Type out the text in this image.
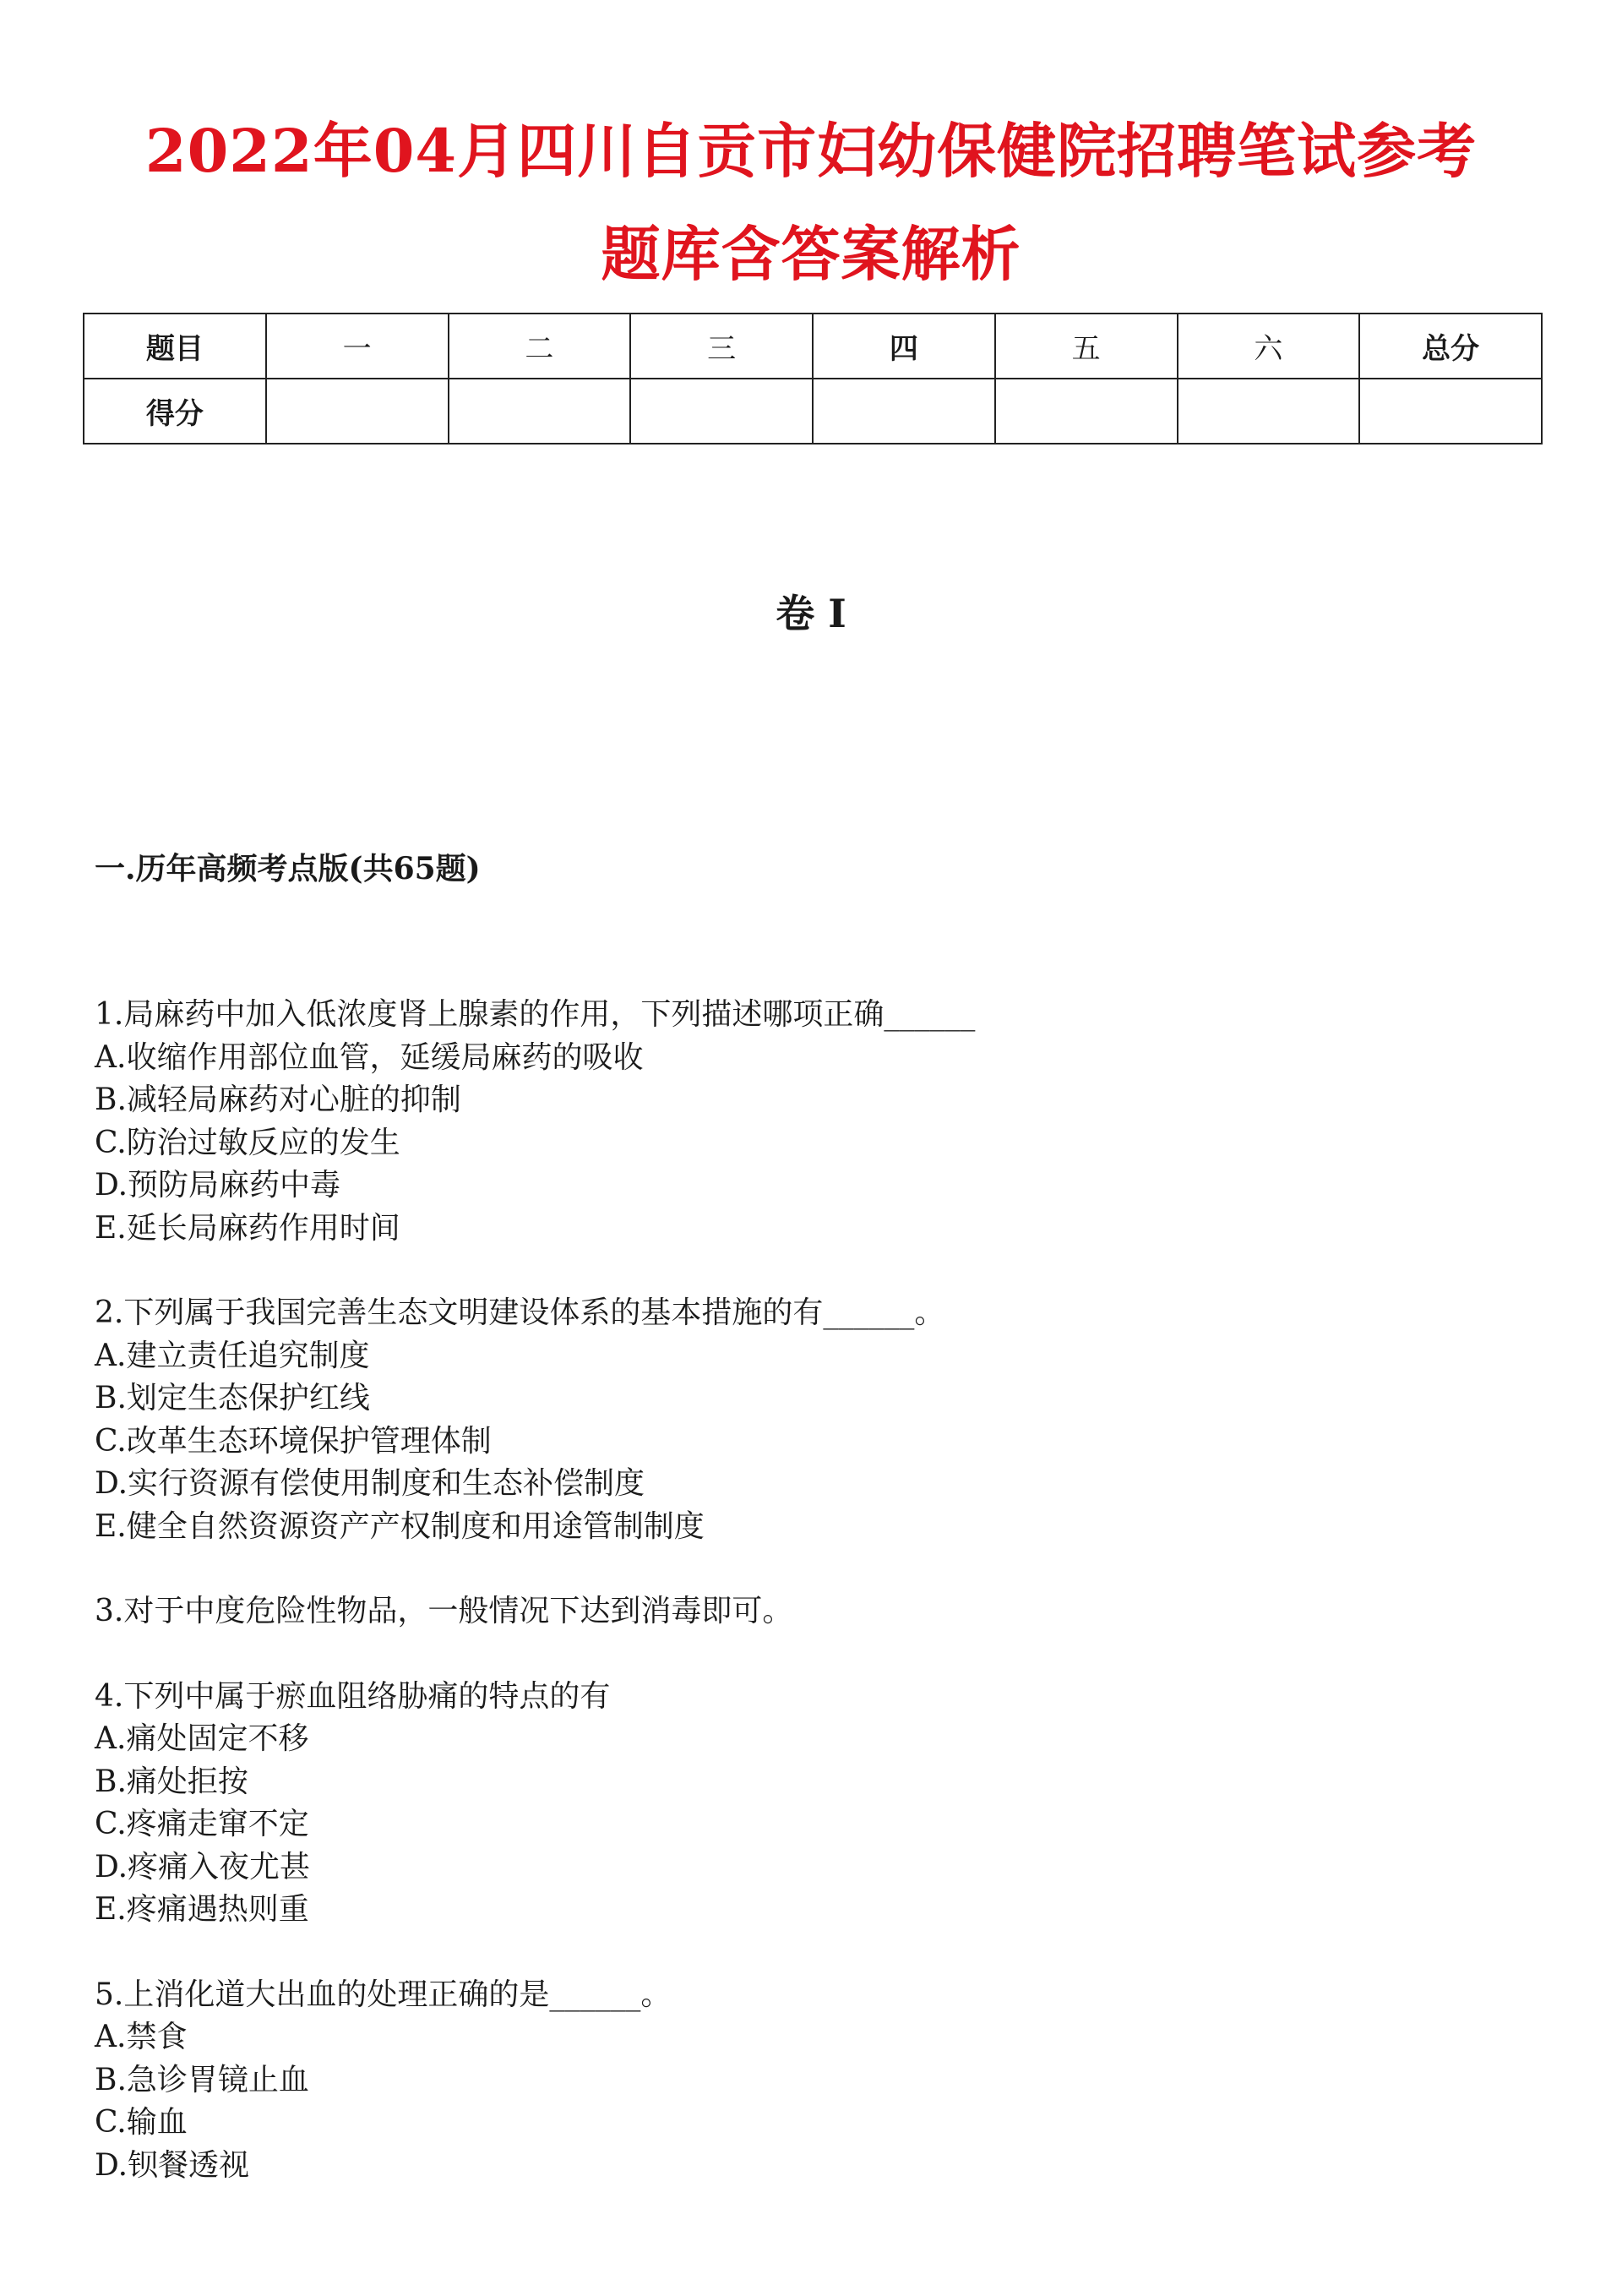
2022年04月四川自贡市妇幼保健院招聘笔试参考
题库含答案解析
题目	一	二	三	四	五	六	总分
得分							
卷 I
一.历年高频考点版(共65题)
1.局麻药中加入低浓度肾上腺素的作用，下列描述哪项正确______
A.收缩作用部位血管，延缓局麻药的吸收
B.减轻局麻药对心脏的抑制
C.防治过敏反应的发生
D.预防局麻药中毒
E.延长局麻药作用时间
2.下列属于我国完善生态文明建设体系的基本措施的有______。
A.建立责任追究制度
B.划定生态保护红线
C.改革生态环境保护管理体制
D.实行资源有偿使用制度和生态补偿制度
E.健全自然资源资产产权制度和用途管制制度
3.对于中度危险性物品，一般情况下达到消毒即可。
4.下列中属于瘀血阻络胁痛的特点的有
A.痛处固定不移
B.痛处拒按
C.疼痛走窜不定
D.疼痛入夜尤甚
E.疼痛遇热则重
5.上消化道大出血的处理正确的是______。
A.禁食
B.急诊胃镜止血
C.输血
D.钡餐透视
